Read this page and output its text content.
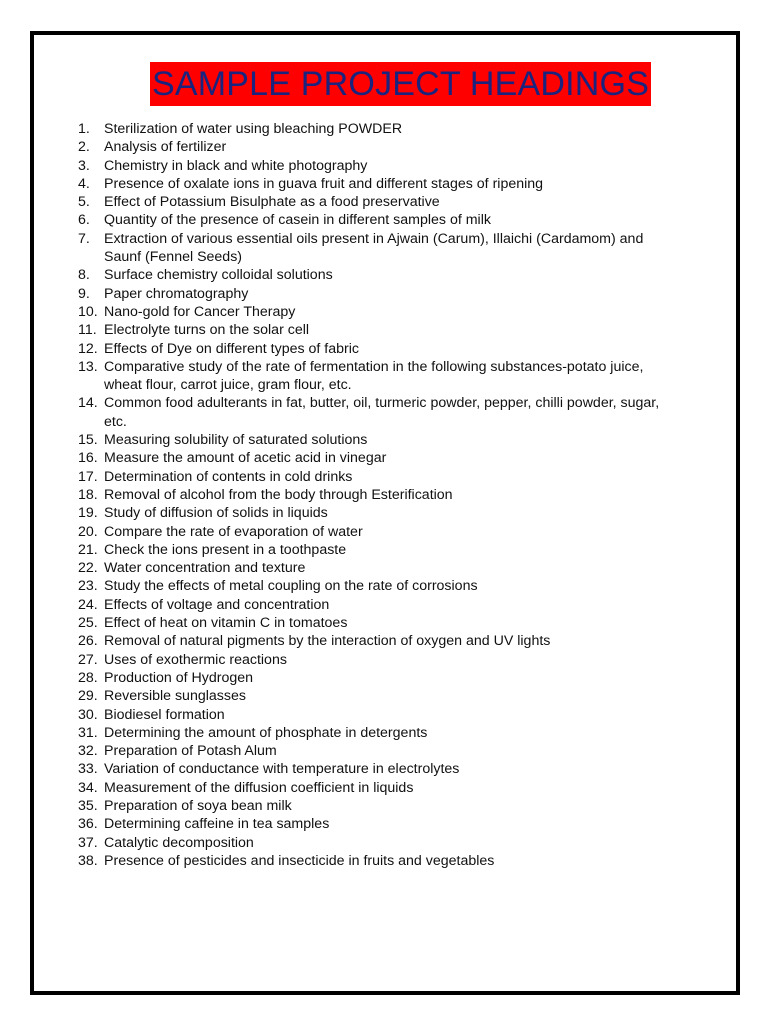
SAMPLE PROJECT HEADINGS
1. Sterilization of water using bleaching POWDER
2. Analysis of fertilizer
3. Chemistry in black and white photography
4. Presence of oxalate ions in guava fruit and different stages of ripening
5. Effect of Potassium Bisulphate as a food preservative
6. Quantity of the presence of casein in different samples of milk
7. Extraction of various essential oils present in Ajwain (Carum), Illaichi (Cardamom) and Saunf (Fennel Seeds)
8. Surface chemistry colloidal solutions
9. Paper chromatography
10. Nano-gold for Cancer Therapy
11. Electrolyte turns on the solar cell
12. Effects of Dye on different types of fabric
13. Comparative study of the rate of fermentation in the following substances-potato juice, wheat flour, carrot juice, gram flour, etc.
14. Common food adulterants in fat, butter, oil, turmeric powder, pepper, chilli powder, sugar, etc.
15. Measuring solubility of saturated solutions
16. Measure the amount of acetic acid in vinegar
17. Determination of contents in cold drinks
18. Removal of alcohol from the body through Esterification
19. Study of diffusion of solids in liquids
20. Compare the rate of evaporation of water
21. Check the ions present in a toothpaste
22. Water concentration and texture
23. Study the effects of metal coupling on the rate of corrosions
24. Effects of voltage and concentration
25. Effect of heat on vitamin C in tomatoes
26. Removal of natural pigments by the interaction of oxygen and UV lights
27. Uses of exothermic reactions
28. Production of Hydrogen
29. Reversible sunglasses
30. Biodiesel formation
31. Determining the amount of phosphate in detergents
32. Preparation of Potash Alum
33. Variation of conductance with temperature in electrolytes
34. Measurement of the diffusion coefficient in liquids
35. Preparation of soya bean milk
36. Determining caffeine in tea samples
37. Catalytic decomposition
38. Presence of pesticides and insecticide in fruits and vegetables
